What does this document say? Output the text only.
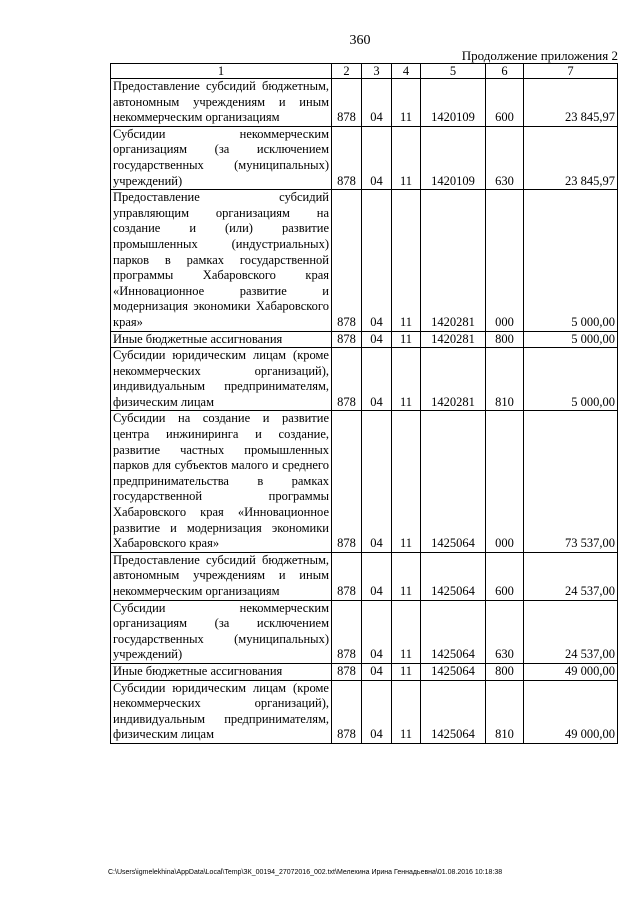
360
Продолжение приложения 2
1	2	3	4	5	6	7
Предоставление субсидий бюджетным, автономным учреждениям и иным некоммерческим организациям	878	04	11	1420109	600	23 845,97
Субсидии некоммерческим организациям (за исключением государственных (муниципальных) учреждений)	878	04	11	1420109	630	23 845,97
Предоставление субсидий управляющим организациям на создание и (или) развитие промышленных (индустриальных) парков в рамках государственной программы Хабаровского края «Инновационное развитие и модернизация экономики Хабаровского края»	878	04	11	1420281	000	5 000,00
Иные бюджетные ассигнования	878	04	11	1420281	800	5 000,00
Субсидии юридическим лицам (кроме некоммерческих организаций), индивидуальным предпринимателям, физическим лицам	878	04	11	1420281	810	5 000,00
Субсидии на создание и развитие центра инжиниринга и создание, развитие частных промышленных парков для субъектов малого и среднего предпринимательства в рамках государственной программы Хабаровского края «Инновационное развитие и модернизация экономики Хабаровского края»	878	04	11	1425064	000	73 537,00
Предоставление субсидий бюджетным, автономным учреждениям и иным некоммерческим организациям	878	04	11	1425064	600	24 537,00
Субсидии некоммерческим организациям (за исключением государственных (муниципальных) учреждений)	878	04	11	1425064	630	24 537,00
Иные бюджетные ассигнования	878	04	11	1425064	800	49 000,00
Субсидии юридическим лицам (кроме некоммерческих организаций), индивидуальным предпринимателям, физическим лицам	878	04	11	1425064	810	49 000,00
C:\Users\igmelekhina\AppData\Local\Temp\ЗК_00194_27072016_002.txt\Мелехина Ирина Геннадьевна\01.08.2016 10:18:38
